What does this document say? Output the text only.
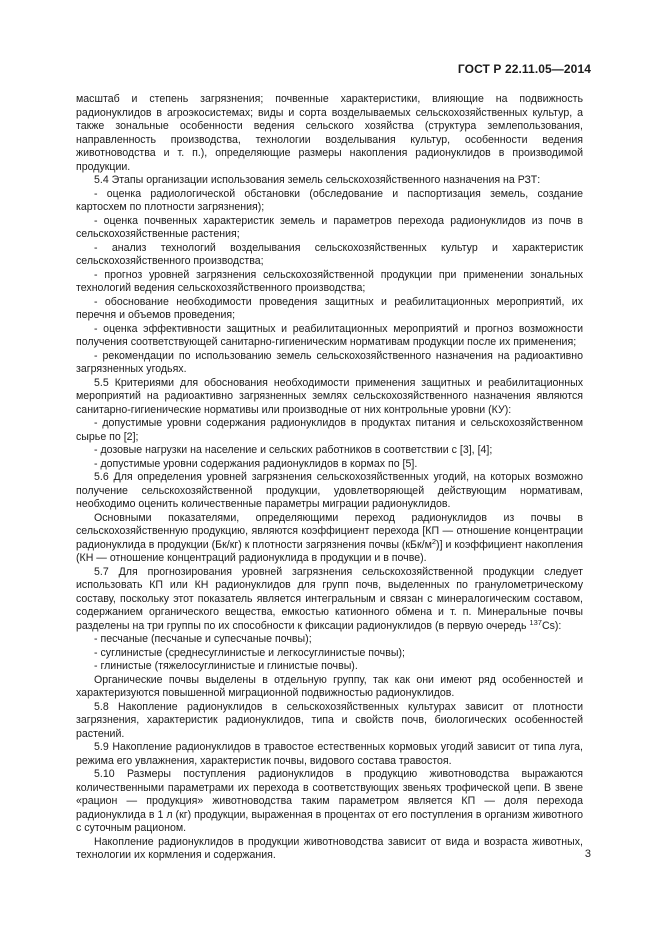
ГОСТ Р 22.11.05—2014

масштаб и степень загрязнения; почвенные характеристики, влияющие на подвижность радионуклидов в агроэкосистемах; виды и сорта возделываемых сельскохозяйственных культур, а также зональные особенности ведения сельского хозяйства (структура землепользования, направленность производства, технологии возделывания культур, особенности ведения животноводства и т. п.), определяющие размеры накопления радионуклидов в производимой продукции.

5.4 Этапы организации использования земель сельскохозяйственного назначения на РЗТ:

- оценка радиологической обстановки (обследование и паспортизация земель, создание картосхем по плотности загрязнения);

- оценка почвенных характеристик земель и параметров перехода радионуклидов из почв в сельскохозяйственные растения;

- анализ технологий возделывания сельскохозяйственных культур и характеристик сельскохозяйственного производства;

- прогноз уровней загрязнения сельскохозяйственной продукции при применении зональных технологий ведения сельскохозяйственного производства;

- обоснование необходимости проведения защитных и реабилитационных мероприятий, их перечня и объемов проведения;

- оценка эффективности защитных и реабилитационных мероприятий и прогноз возможности получения соответствующей санитарно-гигиеническим нормативам продукции после их применения;

- рекомендации по использованию земель сельскохозяйственного назначения на радиоактивно загрязненных угодьях.

5.5 Критериями для обоснования необходимости применения защитных и реабилитационных мероприятий на радиоактивно загрязненных землях сельскохозяйственного назначения являются санитарно-гигиенические нормативы или производные от них контрольные уровни (КУ):

- допустимые уровни содержания радионуклидов в продуктах питания и сельскохозяйственном сырье по [2];

- дозовые нагрузки на население и сельских работников в соответствии с [3], [4];

- допустимые уровни содержания радионуклидов в кормах по [5].

5.6 Для определения уровней загрязнения сельскохозяйственных угодий, на которых возможно получение сельскохозяйственной продукции, удовлетворяющей действующим нормативам, необходимо оценить количественные параметры миграции радионуклидов.

Основными показателями, определяющими переход радионуклидов из почвы в сельскохозяйственную продукцию, являются коэффициент перехода [КП — отношение концентрации радионуклида в продукции (Бк/кг) к плотности загрязнения почвы $(кБк/м^2)$] и коэффициент накопления (КН — отношение концентраций радионуклида в продукции и в почве).

5.7 Для прогнозирования уровней загрязнения сельскохозяйственной продукции следует использовать КП или КН радионуклидов для групп почв, выделенных по гранулометрическому составу, поскольку этот показатель является интегральным и связан с минералогическим составом, содержанием органического вещества, емкостью катионного обмена и т. п. Минеральные почвы разделены на три группы по их способности к фиксации радионуклидов (в первую очередь $^{137}$Cs):

- песчаные (песчаные и супесчаные почвы);

- суглинистые (среднесуглинистые и легкосуглинистые почвы);

- глинистые (тяжелосуглинистые и глинистые почвы).

Органические почвы выделены в отдельную группу, так как они имеют ряд особенностей и характеризуются повышенной миграционной подвижностью радионуклидов.

5.8 Накопление радионуклидов в сельскохозяйственных культурах зависит от плотности загрязнения, характеристик радионуклидов, типа и свойств почв, биологических особенностей растений.

5.9 Накопление радионуклидов в травостое естественных кормовых угодий зависит от типа луга, режима его увлажнения, характеристик почвы, видового состава травостоя.

5.10 Размеры поступления радионуклидов в продукцию животноводства выражаются количественными параметрами их перехода в соответствующих звеньях трофической цепи. В звене «рацион — продукция» животноводства таким параметром является КП — доля перехода радионуклида в 1 л (кг) продукции, выраженная в процентах от его поступления в организм животного с суточным рационом.

Накопление радионуклидов в продукции животноводства зависит от вида и возраста животных, технологии их кормления и содержания.	3
